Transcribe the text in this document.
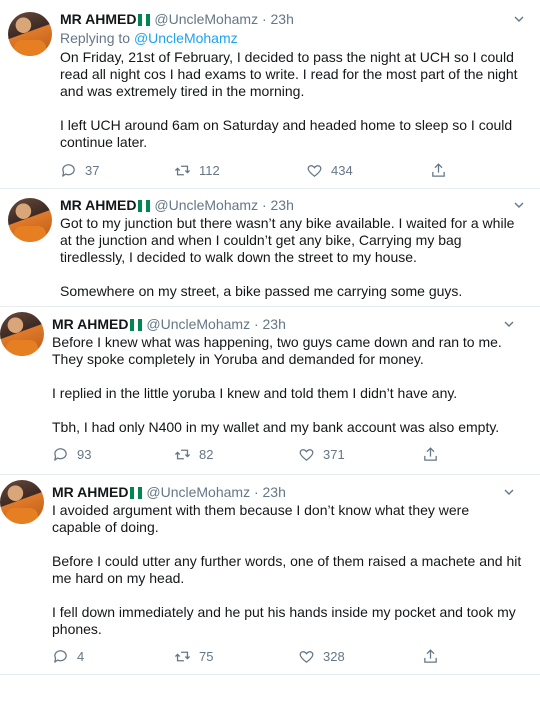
MR AHMED @UncleMohamz · 23h
Replying to @UncleMohamz

On Friday, 21st of February, I decided to pass the night at UCH so I could read all night cos I had exams to write. I read for the most part of the night and was extremely tired in the morning.

I left UCH around 6am on Saturday and headed home to sleep so I could continue later.

37	112	434
MR AHMED @UncleMohamz · 23h

Got to my junction but there wasn’t any bike available. I waited for a while at the junction and when I couldn’t get any bike, Carrying my bag tiredlessly, I decided to walk down the street to my house.

Somewhere on my street, a bike passed me carrying some guys.

MR AHMED @UncleMohamz · 23h

Before I knew what was happening, two guys came down and ran to me. They spoke completely in Yoruba and demanded for money.

I replied in the little yoruba I knew and told them I didn’t have any.

Tbh, I had only N400 in my wallet and my bank account was also empty.

93	82	371
MR AHMED @UncleMohamz · 23h

I avoided argument with them because I don’t know what they were capable of doing.

Before I could utter any further words, one of them raised a machete and hit me hard on my head.

I fell down immediately and he put his hands inside my pocket and took my phones.

4	75	328
